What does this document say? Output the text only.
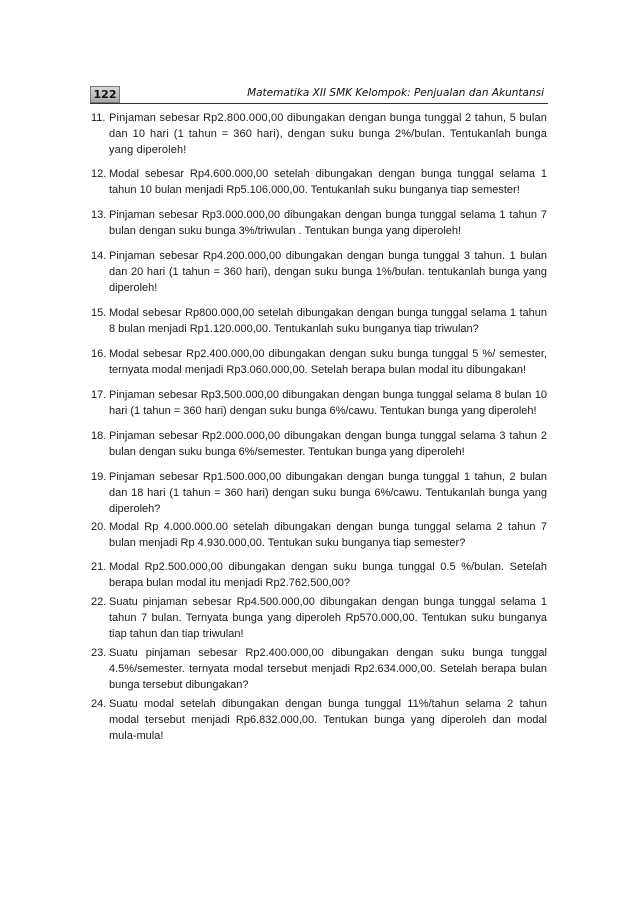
122	Matematika XII SMK Kelompok: Penjualan dan Akuntansi
11. Pinjaman sebesar Rp2.800.000,00 dibungakan dengan bunga tunggal 2 tahun, 5 bulan dan 10 hari (1 tahun = 360 hari), dengan suku bunga 2%/bulan. Tentukanlah bunga yang diperoleh!
12. Modal sebesar Rp4.600.000,00 setelah dibungakan dengan bunga tunggal selama 1 tahun 10 bulan menjadi Rp5.106.000,00. Tentukanlah suku bunganya tiap semester!
13. Pinjaman sebesar Rp3.000.000,00 dibungakan dengan bunga tunggal selama 1 tahun 7 bulan dengan suku bunga 3%/triwulan . Tentukan bunga yang diperoleh!
14. Pinjaman sebesar Rp4.200.000,00 dibungakan dengan bunga tunggal 3 tahun. 1 bulan dan 20 hari (1 tahun = 360 hari), dengan suku bunga 1%/bulan. tentukanlah bunga yang diperoleh!
15. Modal sebesar Rp800.000,00 setelah dibungakan dengan bunga tunggal selama 1 tahun 8 bulan menjadi Rp1.120.000,00. Tentukanlah suku bunganya tiap triwulan?
16. Modal sebesar Rp2.400.000,00 dibungakan dengan suku bunga tunggal 5 %/ semester, ternyata modal menjadi Rp3.060.000,00. Setelah berapa bulan modal itu dibungakan!
17. Pinjaman sebesar Rp3.500.000,00 dibungakan dengan bunga tunggal selama 8 bulan 10 hari (1 tahun = 360 hari) dengan suku bunga 6%/cawu. Tentukan bunga yang diperoleh!
18. Pinjaman sebesar Rp2.000.000,00 dibungakan dengan bunga tunggal selama 3 tahun 2 bulan dengan suku bunga 6%/semester. Tentukan bunga yang diperoleh!
19. Pinjaman sebesar Rp1.500.000,00 dibungakan dengan bunga tunggal 1 tahun, 2 bulan dan 18 hari (1 tahun = 360 hari) dengan suku bunga 6%/cawu. Tentukanlah bunga yang diperoleh?
20. Modal Rp 4.000.000.00 setelah dibungakan dengan bunga tunggal selama 2 tahun 7 bulan menjadi Rp 4.930.000,00. Tentukan suku bunganya tiap semester?
21. Modal Rp2.500.000,00 dibungakan dengan suku bunga tunggal 0.5 %/bulan. Setelah berapa bulan modal itu menjadi Rp2.762.500,00?
22. Suatu pinjaman sebesar Rp4.500.000,00 dibungakan dengan bunga tunggal selama 1 tahun 7 bulan. Ternyata bunga yang diperoleh Rp570.000,00. Tentukan suku bunganya tiap tahun dan tiap triwulan!
23. Suatu pinjaman sebesar Rp2.400.000,00 dibungakan dengan suku bunga tunggal 4.5%/semester. ternyata modal tersebut menjadi Rp2.634.000,00. Setelah berapa bulan bunga tersebut dibungakan?
24. Suatu modal setelah dibungakan dengan bunga tunggal 11%/tahun selama 2 tahun modal tersebut menjadi Rp6.832.000,00. Tentukan bunga yang diperoleh dan modal mula-mula!
